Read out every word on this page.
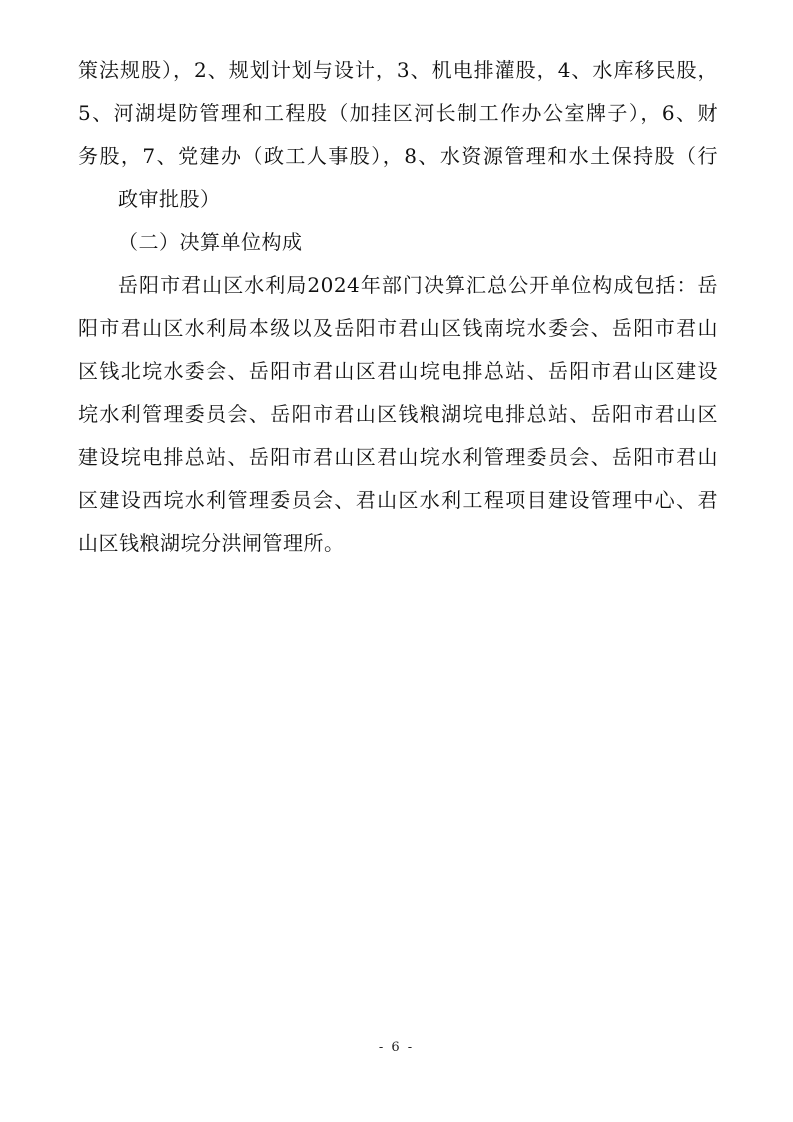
策法规股），2、规划计划与设计，3、机电排灌股，4、水库移民股，
5、河湖堤防管理和工程股（加挂区河长制工作办公室牌子），6、财
务股，7、党建办（政工人事股），8、水资源管理和水土保持股（行
政审批股）
（二）决算单位构成
岳阳市君山区水利局2024年部门决算汇总公开单位构成包括：岳
阳市君山区水利局本级以及岳阳市君山区钱南垸水委会、岳阳市君山
区钱北垸水委会、岳阳市君山区君山垸电排总站、岳阳市君山区建设
垸水利管理委员会、岳阳市君山区钱粮湖垸电排总站、岳阳市君山区
建设垸电排总站、岳阳市君山区君山垸水利管理委员会、岳阳市君山
区建设西垸水利管理委员会、君山区水利工程项目建设管理中心、君
山区钱粮湖垸分洪闸管理所。
- 6 -
